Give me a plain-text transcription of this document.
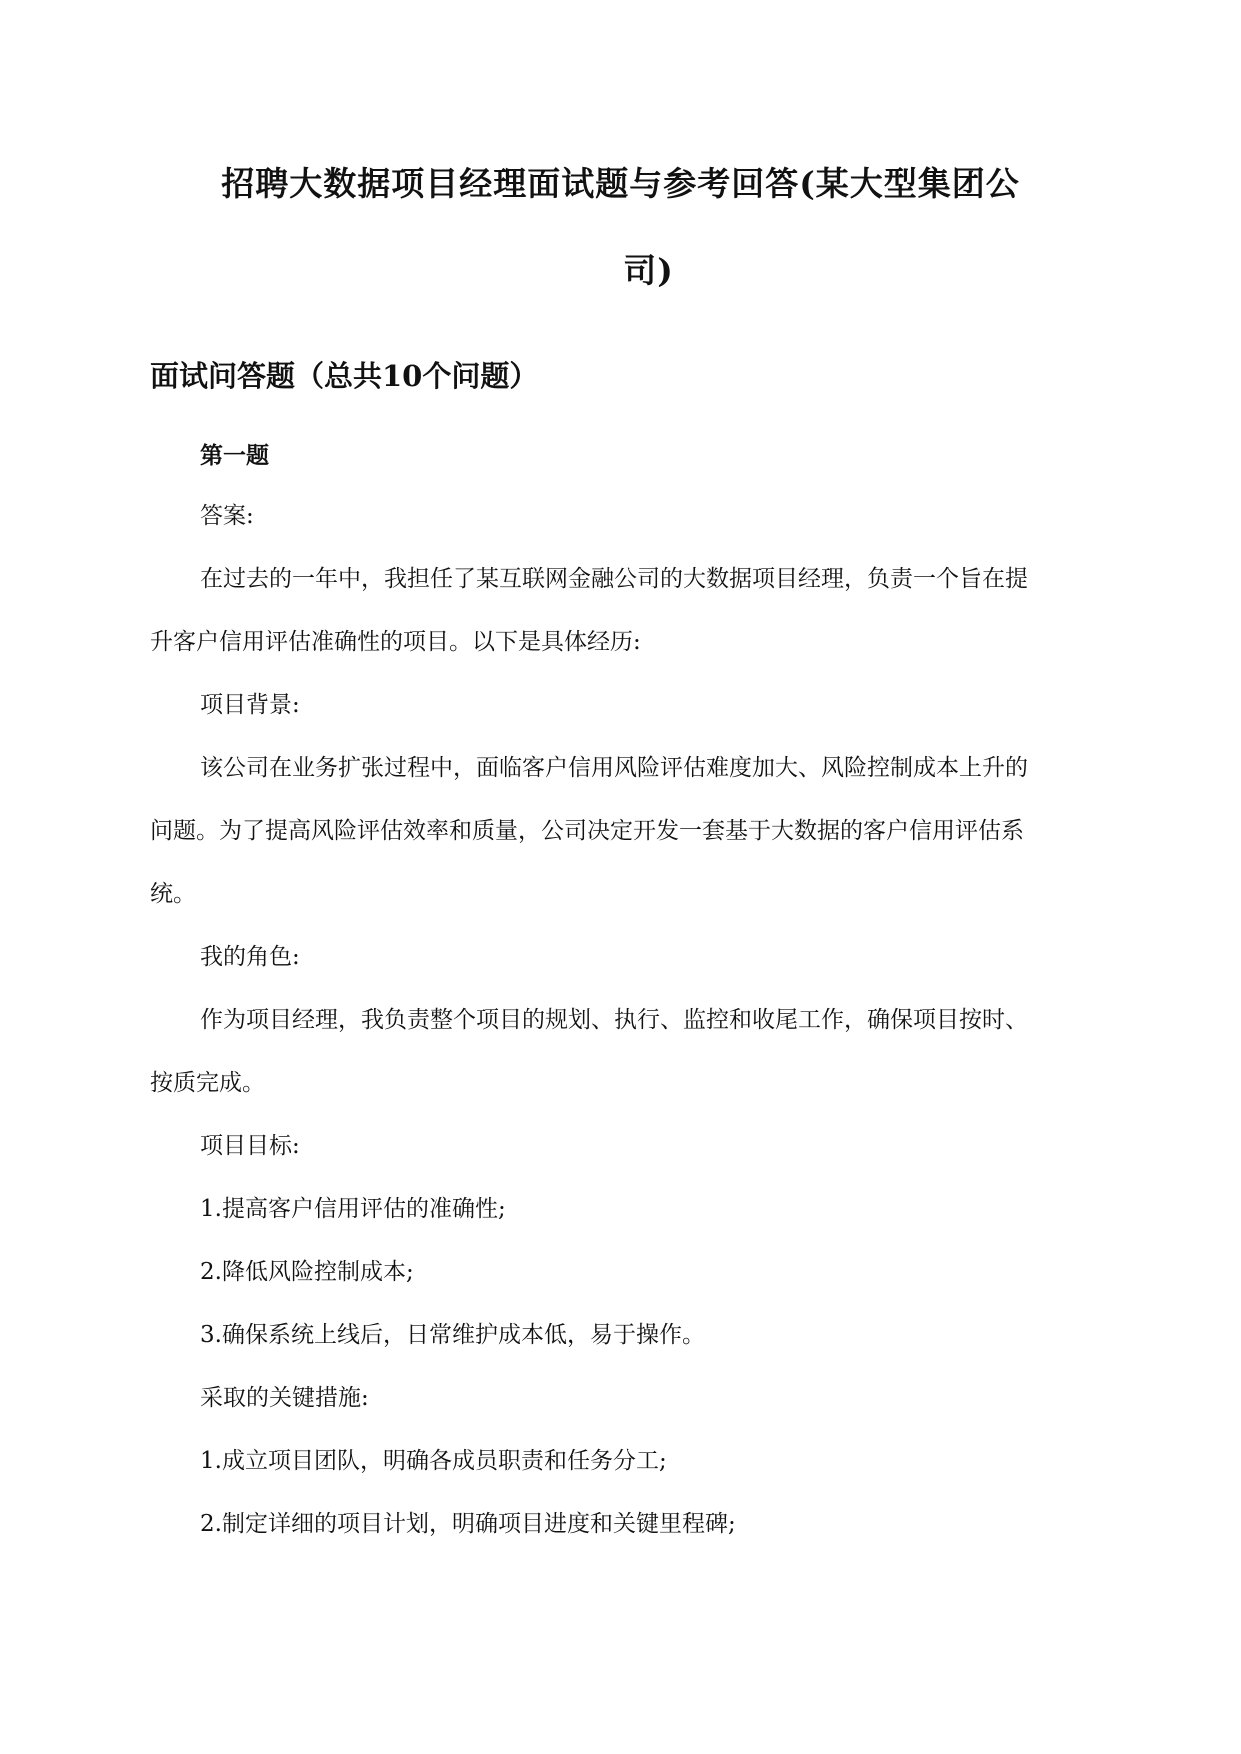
招聘大数据项目经理面试题与参考回答(某大型集团公
司)
面试问答题（总共10个问题）
第一题
答案:
在过去的一年中，我担任了某互联网金融公司的大数据项目经理，负责一个旨在提
升客户信用评估准确性的项目。以下是具体经历:
项目背景:
该公司在业务扩张过程中，面临客户信用风险评估难度加大、风险控制成本上升的
问题。为了提高风险评估效率和质量，公司决定开发一套基于大数据的客户信用评估系
统。
我的角色:
作为项目经理，我负责整个项目的规划、执行、监控和收尾工作，确保项目按时、
按质完成。
项目目标:
1.提高客户信用评估的准确性;
2.降低风险控制成本;
3.确保系统上线后，日常维护成本低，易于操作。
采取的关键措施:
1.成立项目团队，明确各成员职责和任务分工;
2.制定详细的项目计划，明确项目进度和关键里程碑;
